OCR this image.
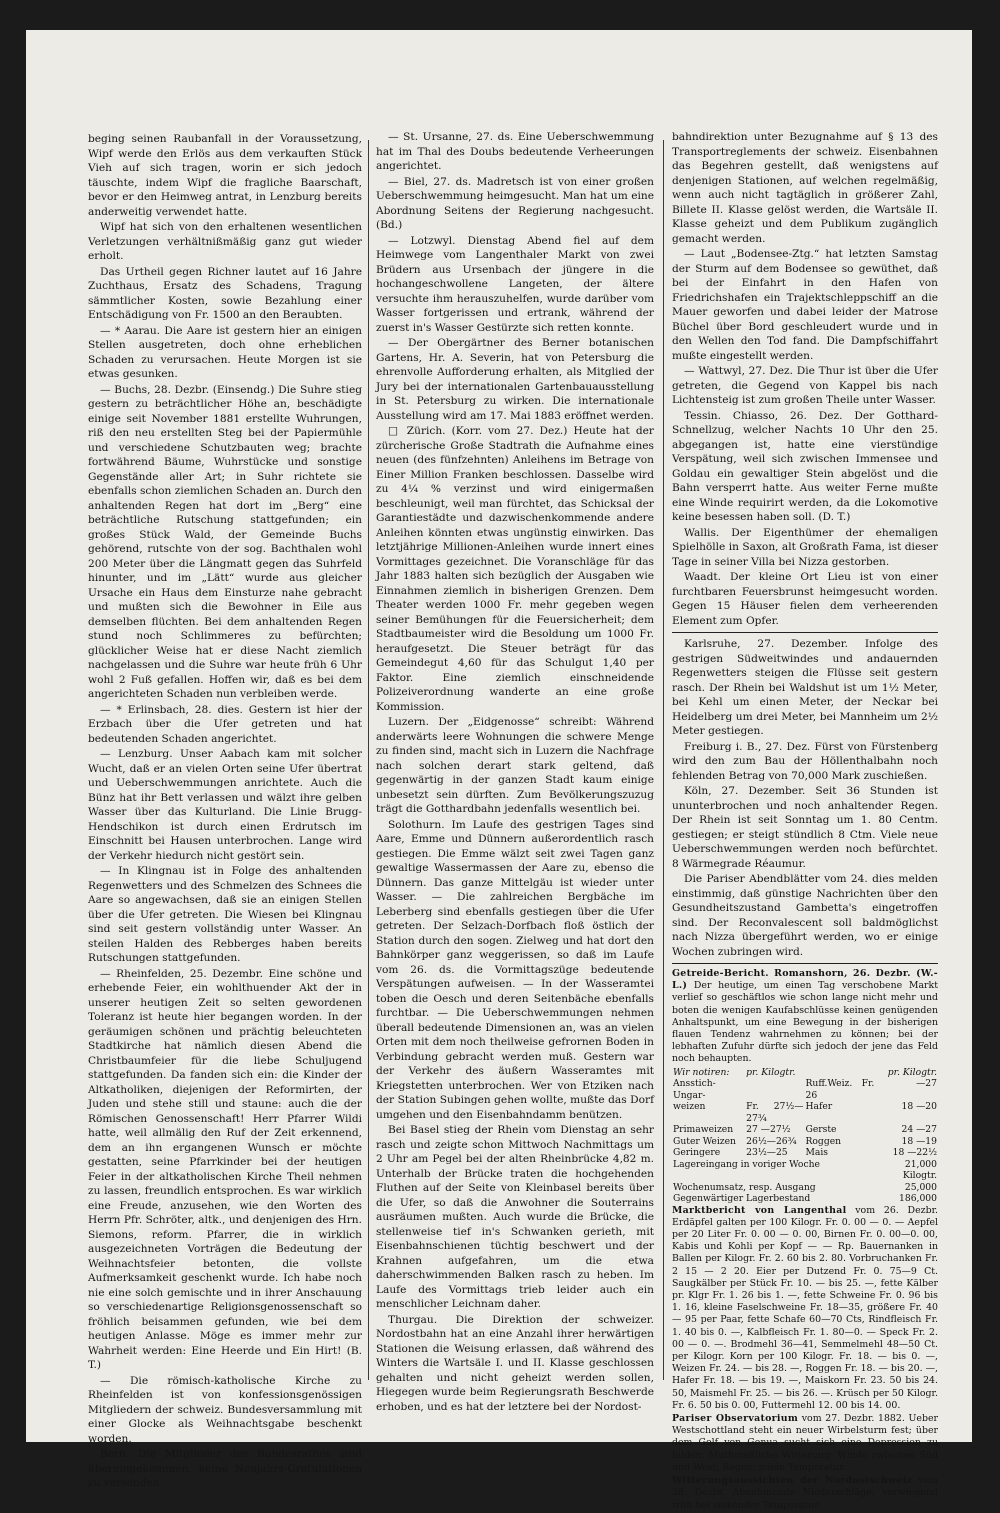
beging seinen Raubanfall in der Voraussetzung, Wipf werde den Erlös aus dem verkauften Stück Vieh auf sich tragen, worin er sich jedoch täuschte, indem Wipf die fragliche Baarschaft, bevor er den Heimweg antrat, in Lenzburg bereits anderweitig verwendet hatte.

Wipf hat sich von den erhaltenen wesentlichen Verletzungen verhältnißmäßig ganz gut wieder erholt.

Das Urtheil gegen Richner lautet auf 16 Jahre Zuchthaus, Ersatz des Schadens, Tragung sämmtlicher Kosten, sowie Bezahlung einer Entschädigung von Fr. 1500 an den Beraubten.

— * Aarau. Die Aare ist gestern hier an einigen Stellen ausgetreten, doch ohne erheblichen Schaden zu verursachen. Heute Morgen ist sie etwas gesunken.

— Buchs, 28. Dezbr. (Einsendg.) Die Suhre stieg gestern zu beträchtlicher Höhe an, beschädigte einige seit November 1881 erstellte Wuhrungen, riß den neu erstellten Steg bei der Papiermühle und verschiedene Schutzbauten weg; brachte fortwährend Bäume, Wuhrstücke und sonstige Gegenstände aller Art; in Suhr richtete sie ebenfalls schon ziemlichen Schaden an. Durch den anhaltenden Regen hat dort im „Berg“ eine beträchtliche Rutschung stattgefunden; ein großes Stück Wald, der Gemeinde Buchs gehörend, rutschte von der sog. Bachthalen wohl 200 Meter über die Längmatt gegen das Suhrfeld hinunter, und im „Lätt“ wurde aus gleicher Ursache ein Haus dem Einsturze nahe gebracht und mußten sich die Bewohner in Eile aus demselben flüchten. Bei dem anhaltenden Regen stund noch Schlimmeres zu befürchten; glücklicher Weise hat er diese Nacht ziemlich nachgelassen und die Suhre war heute früh 6 Uhr wohl 2 Fuß gefallen. Hoffen wir, daß es bei dem angerichteten Schaden nun verbleiben werde.

— * Erlinsbach, 28. dies. Gestern ist hier der Erzbach über die Ufer getreten und hat bedeutenden Schaden angerichtet.

— Lenzburg. Unser Aabach kam mit solcher Wucht, daß er an vielen Orten seine Ufer übertrat und Ueberschwemmungen anrichtete. Auch die Bünz hat ihr Bett verlassen und wälzt ihre gelben Wasser über das Kulturland. Die Linie Brugg-Hendschikon ist durch einen Erdrutsch im Einschnitt bei Hausen unterbrochen. Lange wird der Verkehr hiedurch nicht gestört sein.

— In Klingnau ist in Folge des anhaltenden Regenwetters und des Schmelzen des Schnees die Aare so angewachsen, daß sie an einigen Stellen über die Ufer getreten. Die Wiesen bei Klingnau sind seit gestern vollständig unter Wasser. An steilen Halden des Rebberges haben bereits Rutschungen stattgefunden.

— Rheinfelden, 25. Dezembr. Eine schöne und erhebende Feier, ein wohlthuender Akt der in unserer heutigen Zeit so selten gewordenen Toleranz ist heute hier begangen worden. In der geräumigen schönen und prächtig beleuchteten Stadtkirche hat nämlich diesen Abend die Christbaumfeier für die liebe Schuljugend stattgefunden. Da fanden sich ein: die Kinder der Altkatholiken, diejenigen der Reformirten, der Juden und stehe still und staune: auch die der Römischen Genossenschaft! Herr Pfarrer Wildi hatte, weil allmälig den Ruf der Zeit erkennend, dem an ihn ergangenen Wunsch er möchte gestatten, seine Pfarrkinder bei der heutigen Feier in der altkatholischen Kirche Theil nehmen zu lassen, freundlich entsprochen. Es war wirklich eine Freude, anzusehen, wie den Worten des Herrn Pfr. Schröter, altk., und denjenigen des Hrn. Siemons, reform. Pfarrer, die in wirklich ausgezeichneten Vorträgen die Bedeutung der Weihnachtsfeier betonten, die vollste Aufmerksamkeit geschenkt wurde. Ich habe noch nie eine solch gemischte und in ihrer Anschauung so verschiedenartige Religionsgenossenschaft so fröhlich beisammen gefunden, wie bei dem heutigen Anlasse. Möge es immer mehr zur Wahrheit werden: Eine Heerde und Ein Hirt! (B. T.)

— Die römisch-katholische Kirche zu Rheinfelden ist von konfessionsgenössigen Mitgliedern der schweiz. Bundesversammlung mit einer Glocke als Weihnachtsgabe beschenkt worden.

Bern. Die Mitglieder des Bundesrathes sind übereingekommen, keine Neujahrs-Gratulationen zu versenden.

— St. Ursanne, 27. ds. Eine Ueberschwemmung hat im Thal des Doubs bedeutende Verheerungen angerichtet.

— Biel, 27. ds. Madretsch ist von einer großen Ueberschwemmung heimgesucht. Man hat um eine Abordnung Seitens der Regierung nachgesucht. (Bd.)

— Lotzwyl. Dienstag Abend fiel auf dem Heimwege vom Langenthaler Markt von zwei Brüdern aus Ursenbach der jüngere in die hochangeschwollene Langeten, der ältere versuchte ihm herauszuhelfen, wurde darüber vom Wasser fortgerissen und ertrank, während der zuerst in's Wasser Gestürzte sich retten konnte.

— Der Obergärtner des Berner botanischen Gartens, Hr. A. Severin, hat von Petersburg die ehrenvolle Aufforderung erhalten, als Mitglied der Jury bei der internationalen Gartenbauausstellung in St. Petersburg zu wirken. Die internationale Ausstellung wird am 17. Mai 1883 eröffnet werden.

□ Zürich. (Korr. vom 27. Dez.) Heute hat der zürcherische Große Stadtrath die Aufnahme eines neuen (des fünfzehnten) Anleihens im Betrage von Einer Million Franken beschlossen. Dasselbe wird zu 4¼ % verzinst und wird einigermaßen beschleunigt, weil man fürchtet, das Schicksal der Garantiestädte und dazwischenkommende andere Anleihen könnten etwas ungünstig einwirken. Das letztjährige Millionen-Anleihen wurde innert eines Vormittages gezeichnet. Die Voranschläge für das Jahr 1883 halten sich bezüglich der Ausgaben wie Einnahmen ziemlich in bisherigen Grenzen. Dem Theater werden 1000 Fr. mehr gegeben wegen seiner Bemühungen für die Feuersicherheit; dem Stadtbaumeister wird die Besoldung um 1000 Fr. heraufgesetzt. Die Steuer beträgt für das Gemeindegut 4,60 für das Schulgut 1,40 per Faktor. Eine ziemlich einschneidende Polizeiverordnung wanderte an eine große Kommission.

Luzern. Der „Eidgenosse“ schreibt: Während anderwärts leere Wohnungen die schwere Menge zu finden sind, macht sich in Luzern die Nachfrage nach solchen derart stark geltend, daß gegenwärtig in der ganzen Stadt kaum einige unbesetzt sein dürften. Zum Bevölkerungszuzug trägt die Gotthardbahn jedenfalls wesentlich bei.

Solothurn. Im Laufe des gestrigen Tages sind Aare, Emme und Dünnern außerordentlich rasch gestiegen. Die Emme wälzt seit zwei Tagen ganz gewaltige Wassermassen der Aare zu, ebenso die Dünnern. Das ganze Mittelgäu ist wieder unter Wasser. — Die zahlreichen Bergbäche im Leberberg sind ebenfalls gestiegen über die Ufer getreten. Der Selzach-Dorfbach floß östlich der Station durch den sogen. Zielweg und hat dort den Bahnkörper ganz weggerissen, so daß im Laufe vom 26. ds. die Vormittagszüge bedeutende Verspätungen aufweisen. — In der Wasseramtei toben die Oesch und deren Seitenbäche ebenfalls furchtbar. — Die Ueberschwemmungen nehmen überall bedeutende Dimensionen an, was an vielen Orten mit dem noch theilweise gefrornen Boden in Verbindung gebracht werden muß. Gestern war der Verkehr des äußern Wasseramtes mit Kriegstetten unterbrochen. Wer von Etziken nach der Station Subingen gehen wollte, mußte das Dorf umgehen und den Eisenbahndamm benützen.

Bei Basel stieg der Rhein vom Dienstag an sehr rasch und zeigte schon Mittwoch Nachmittags um 2 Uhr am Pegel bei der alten Rheinbrücke 4,82 m. Unterhalb der Brücke traten die hochgehenden Fluthen auf der Seite von Kleinbasel bereits über die Ufer, so daß die Anwohner die Souterrains ausräumen mußten. Auch wurde die Brücke, die stellenweise tief in's Schwanken gerieth, mit Eisenbahnschienen tüchtig beschwert und der Krahnen aufgefahren, um die etwa daherschwimmenden Balken rasch zu heben. Im Laufe des Vormittags trieb leider auch ein menschlicher Leichnam daher.

Thurgau. Die Direktion der schweizer. Nordostbahn hat an eine Anzahl ihrer herwärtigen Stationen die Weisung erlassen, daß während des Winters die Wartsäle I. und II. Klasse geschlossen gehalten und nicht geheizt werden sollen, Hiegegen wurde beim Regierungsrath Beschwerde erhoben, und es hat der letztere bei der Nordost-

bahndirektion unter Bezugnahme auf § 13 des Transportreglements der schweiz. Eisenbahnen das Begehren gestellt, daß wenigstens auf denjenigen Stationen, auf welchen regelmäßig, wenn auch nicht tagtäglich in größerer Zahl, Billete II. Klasse gelöst werden, die Wartsäle II. Klasse geheizt und dem Publikum zugänglich gemacht werden.

— Laut „Bodensee-Ztg.“ hat letzten Samstag der Sturm auf dem Bodensee so gewüthet, daß bei der Einfahrt in den Hafen von Friedrichshafen ein Trajektschleppschiff an die Mauer geworfen und dabei leider der Matrose Büchel über Bord geschleudert wurde und in den Wellen den Tod fand. Die Dampfschiffahrt mußte eingestellt werden.

— Wattwyl, 27. Dez. Die Thur ist über die Ufer getreten, die Gegend von Kappel bis nach Lichtensteig ist zum großen Theile unter Wasser.

Tessin. Chiasso, 26. Dez. Der Gotthard-Schnellzug, welcher Nachts 10 Uhr den 25. abgegangen ist, hatte eine vierstündige Verspätung, weil sich zwischen Immensee und Goldau ein gewaltiger Stein abgelöst und die Bahn versperrt hatte. Aus weiter Ferne mußte eine Winde requirirt werden, da die Lokomotive keine besessen haben soll. (D. T.)

Wallis. Der Eigenthümer der ehemaligen Spielhölle in Saxon, alt Großrath Fama, ist dieser Tage in seiner Villa bei Nizza gestorben.

Waadt. Der kleine Ort Lieu ist von einer furchtbaren Feuersbrunst heimgesucht worden. Gegen 15 Häuser fielen dem verheerenden Element zum Opfer.

Karlsruhe, 27. Dezember. Infolge des gestrigen Südweitwindes und andauernden Regenwetters steigen die Flüsse seit gestern rasch. Der Rhein bei Waldshut ist um 1½ Meter, bei Kehl um einen Meter, der Neckar bei Heidelberg um drei Meter, bei Mannheim um 2½ Meter gestiegen.

Freiburg i. B., 27. Dez. Fürst von Fürstenberg wird den zum Bau der Höllenthalbahn noch fehlenden Betrag von 70,000 Mark zuschießen.

Köln, 27. Dezember. Seit 36 Stunden ist ununterbrochen und noch anhaltender Regen. Der Rhein ist seit Sonntag um 1. 80 Centm. gestiegen; er steigt stündlich 8 Ctm. Viele neue Ueberschwemmungen werden noch befürchtet. 8 Wärmegrade Réaumur.

Die Pariser Abendblätter vom 24. dies melden einstimmig, daß günstige Nachrichten über den Gesundheitszustand Gambetta's eingetroffen sind. Der Reconvalescent soll baldmöglichst nach Nizza übergeführt werden, wo er einige Wochen zubringen wird.

Getreide-Bericht. Romanshorn, 26. Dezbr. (W.-L.) Der heutige, um einen Tag verschobene Markt verlief so geschäftlos wie schon lange nicht mehr und boten die wenigen Kaufabschlüsse keinen genügenden Anhaltspunkt, um eine Bewegung in der bisherigen flauen Tendenz wahrnehmen zu können; bei der lebhaften Zufuhr dürfte sich jedoch der jene das Feld noch behaupten.

Wir notiren:	pr. Kilogtr.		pr. Kilogtr.
Ansstich-Ungar-		Ruff.Weiz. Fr. 26	—27
weizen	Fr. 27½—27¾	Hafer	18 —20
Primaweizen	27 —27½	Gerste	24 —27
Guter Weizen	26½—26¾	Roggen	18 —19
Geringere	23½—25	Mais	18 —22½
Lagereingang in voriger Woche			21,000 Kilogtr.
Wochenumsatz, resp. Ausgang			25,000
Gegenwärtiger Lagerbestand			186,000

Marktbericht von Langenthal vom 26. Dezbr. Erdäpfel galten per 100 Kilogr. Fr. 0. 00 — 0. — Aepfel per 20 Liter Fr. 0. 00 — 0. 00, Birnen Fr. 0. 00—0. 00, Kabis und Kohli per Kopf — — Rp. Bauernanken in Ballen per Kilogr. Fr. 2. 60 bis 2. 80. Vorbruchanken Fr. 2 15 — 2 20. Eier per Dutzend Fr. 0. 75—9 Ct. Saugkälber per Stück Fr. 10. — bis 25. —, fette Kälber pr. Klgr Fr. 1. 26 bis 1. —, fette Schweine Fr. 0. 96 bis 1. 16, kleine Faselschweine Fr. 18—35, größere Fr. 40 — 95 per Paar, fette Schafe 60—70 Cts, Rindfleisch Fr. 1. 40 bis 0. —, Kalbfleisch Fr. 1. 80—0. — Speck Fr. 2. 00 — 0. —. Brodmehl 36—41, Semmelmehl 48—50 Ct. per Kilogr. Korn per 100 Kilogr. Fr. 18. — bis 0. —, Weizen Fr. 24. — bis 28. —, Roggen Fr. 18. — bis 20. —, Hafer Fr. 18. — bis 19. —, Maiskorn Fr. 23. 50 bis 24. 50, Maismehl Fr. 25. — bis 26. —. Krüsch per 50 Kilogr. Fr. 6. 50 bis 0. 00, Futtermehl 12. 00 bis 14. 00.

Pariser Observatorium vom 27. Dezbr. 1882. Ueber Westschottland steht ein neuer Wirbelsturm fest; über dem Golf von Genua sucht sich eine Depression zu bilden. Muthmaßliche Witterung: Winde zwischen Süd und West; Regen; milde Temperatur.

Witterungsaussichten der Nordostschweiz vom 28. Dezbr. Abnehmende Niederschläge; vorwiegend trüb bei sinkender Temperatur.
